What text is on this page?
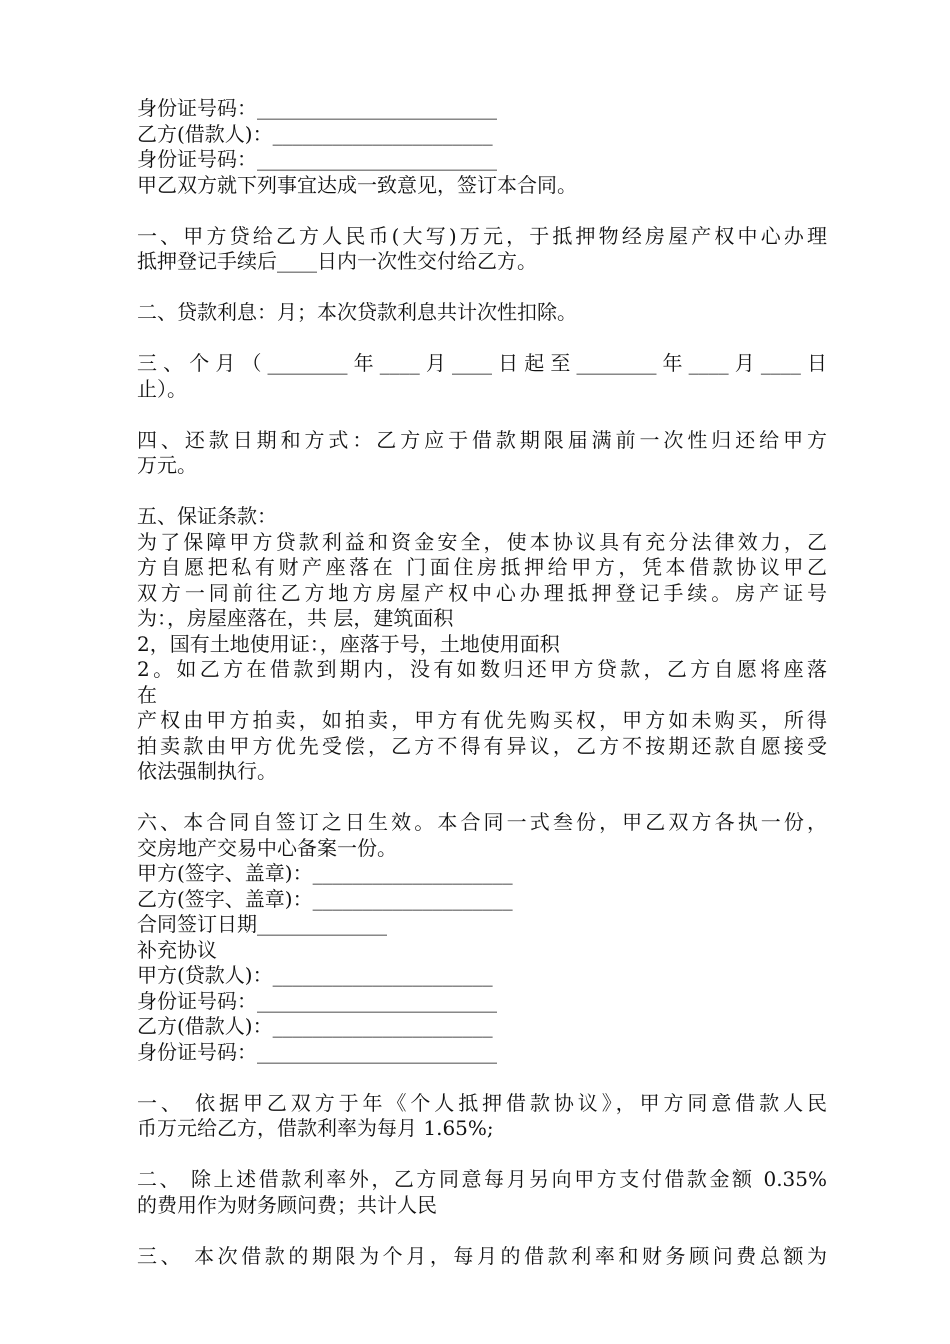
身份证号码：________________________
乙方(借款人)：______________________
身份证号码：________________________
甲乙双方就下列事宜达成一致意见，签订本合同。
一、甲方贷给乙方人民币(大写)万元，于抵押物经房屋产权中心办理
抵押登记手续后____日内一次性交付给乙方。
二、贷款利息：月；本次贷款利息共计次性扣除。
三、个月（________年____月____日起至________年____月____日
止）。
四、还款日期和方式：乙方应于借款期限届满前一次性归还给甲方
万元。
五、保证条款：
为了保障甲方贷款利益和资金安全，使本协议具有充分法律效力，乙
方自愿把私有财产座落在 门面住房抵押给甲方，凭本借款协议甲乙
双方一同前往乙方地方房屋产权中心办理抵押登记手续。房产证号
为：，房屋座落在，共 层，建筑面积
2，国有土地使用证：，座落于号，土地使用面积
2。如乙方在借款到期内，没有如数归还甲方贷款，乙方自愿将座落
在
产权由甲方拍卖，如拍卖，甲方有优先购买权，甲方如未购买，所得
拍卖款由甲方优先受偿，乙方不得有异议，乙方不按期还款自愿接受
依法强制执行。
六、本合同自签订之日生效。本合同一式叁份，甲乙双方各执一份，
交房地产交易中心备案一份。
甲方(签字、盖章)：____________________
乙方(签字、盖章)：____________________
合同签订日期_____________
补充协议
甲方(贷款人)：______________________
身份证号码：________________________
乙方(借款人)：______________________
身份证号码：________________________
一、 依据甲乙双方于年《个人抵押借款协议》，甲方同意借款人民
币万元给乙方，借款利率为每月 1.65%;
二、 除上述借款利率外，乙方同意每月另向甲方支付借款金额 0.35%
的费用作为财务顾问费；共计人民
三、 本次借款的期限为个月，每月的借款利率和财务顾问费总额为
